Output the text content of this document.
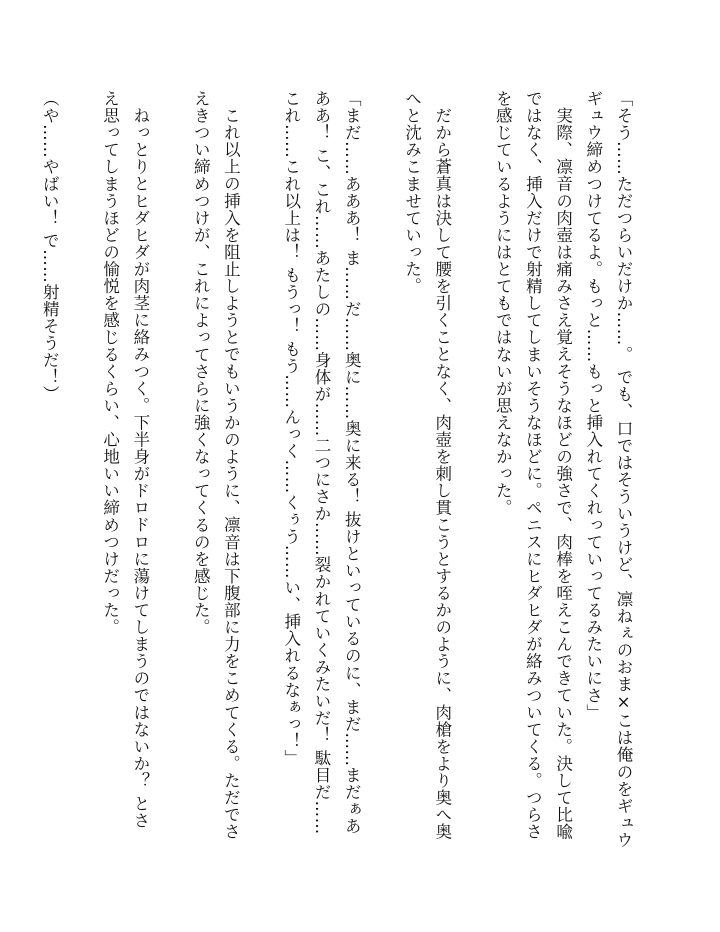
「そう……ただつらいだけか……。 でも、口ではそういうけど、凛ねぇのおま×こは俺のをギュウ
ギュウ締めつけてるよ。もっと……もっと挿入れてくれっていってるみたいにさ」

実際、凛音の肉壺は痛みさえ覚えそうなほどの強さで、肉棒を咥えこんできていた。決して比喩
ではなく、挿入だけで射精してしまいそうなほどに。ペニスにヒダヒダが絡みついてくる。つらさ
を感じているようにはとてもではないが思えなかった。

だから蒼真は決して腰を引くことなく、肉壺を刺し貫こうとするかのように、肉槍をより奥へ奥
へと沈みこませていった。

「まだ……あああ！ ま……だ……奥に……奥に来る！ 抜けといっているのに、まだ……まだぁあ
ああ！ こ、これ……あたしの……身体が……二つにさか……裂かれていくみたいだ！ 駄目だ……
これ……これ以上は！ もうっ！ もう……んっく……くぅう……い、挿入れるなぁっ！」

これ以上の挿入を阻止しようとでもいうかのように、凛音は下腹部に力をこめてくる。ただでさ
えきつい締めつけが、これによってさらに強くなってくるのを感じた。

ねっとりとヒダヒダが肉茎に絡みつく。下半身がドロドロに蕩けてしまうのではないか？ とさ
え思ってしまうほどの愉悦を感じるくらい、心地いい締めつけだった。

（や……やばい！ で……射精そうだ！）
